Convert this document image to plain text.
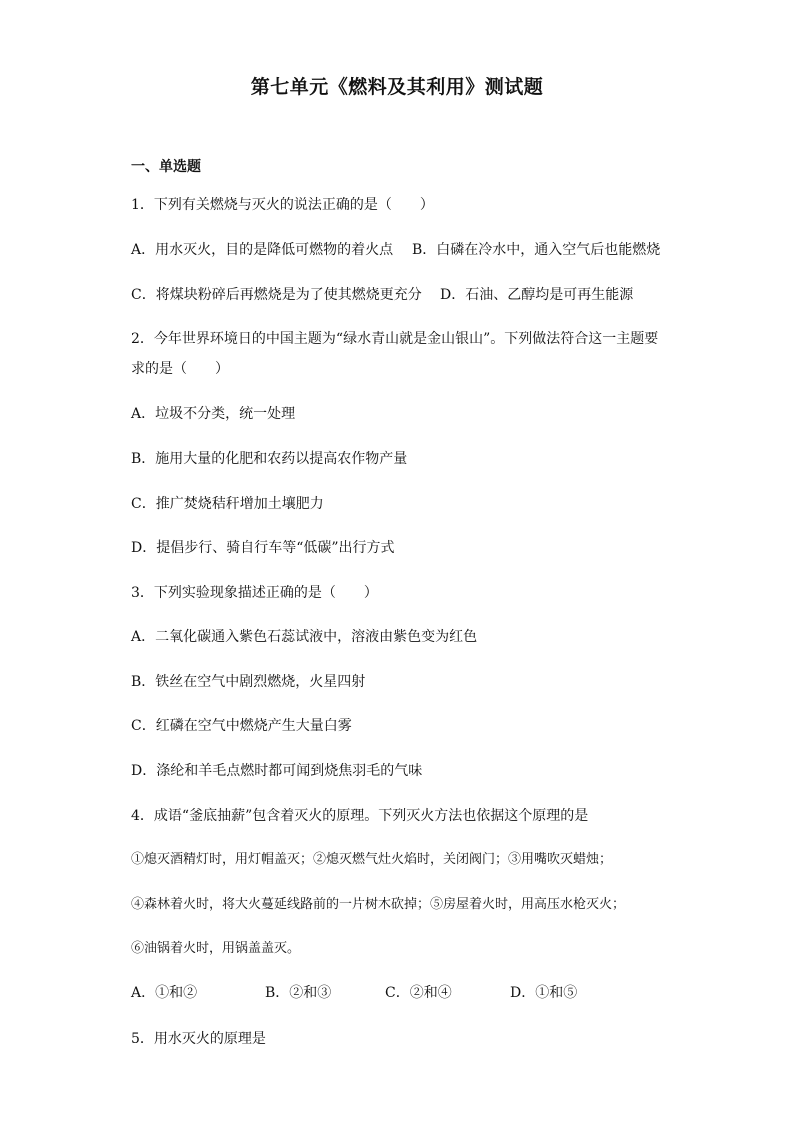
第七单元《燃料及其利用》测试题
一、单选题
1．下列有关燃烧与灭火的说法正确的是（　　）
A．用水灭火，目的是降低可燃物的着火点 B．白磷在冷水中，通入空气后也能燃烧
C．将煤块粉碎后再燃烧是为了使其燃烧更充分 D．石油、乙醇均是可再生能源
2．今年世界环境日的中国主题为“绿水青山就是金山银山”。下列做法符合这一主题要
求的是（　　）
A．垃圾不分类，统一处理
B．施用大量的化肥和农药以提高农作物产量
C．推广焚烧秸秆增加土壤肥力
D．提倡步行、骑自行车等“低碳”出行方式
3．下列实验现象描述正确的是（　　）
A．二氧化碳通入紫色石蕊试液中，溶液由紫色变为红色
B．铁丝在空气中剧烈燃烧，火星四射
C．红磷在空气中燃烧产生大量白雾
D．涤纶和羊毛点燃时都可闻到烧焦羽毛的气味
4．成语“釜底抽薪”包含着灭火的原理。下列灭火方法也依据这个原理的是
①熄灭酒精灯时，用灯帽盖灭；②熄灭燃气灶火焰时，关闭阀门；③用嘴吹灭蜡烛；
④森林着火时，将大火蔓延线路前的一片树木砍掉；⑤房屋着火时，用高压水枪灭火；
⑥油锅着火时，用锅盖盖灭。
A．①和②	B．②和③	C．②和④	D．①和⑤
5．用水灭火的原理是
